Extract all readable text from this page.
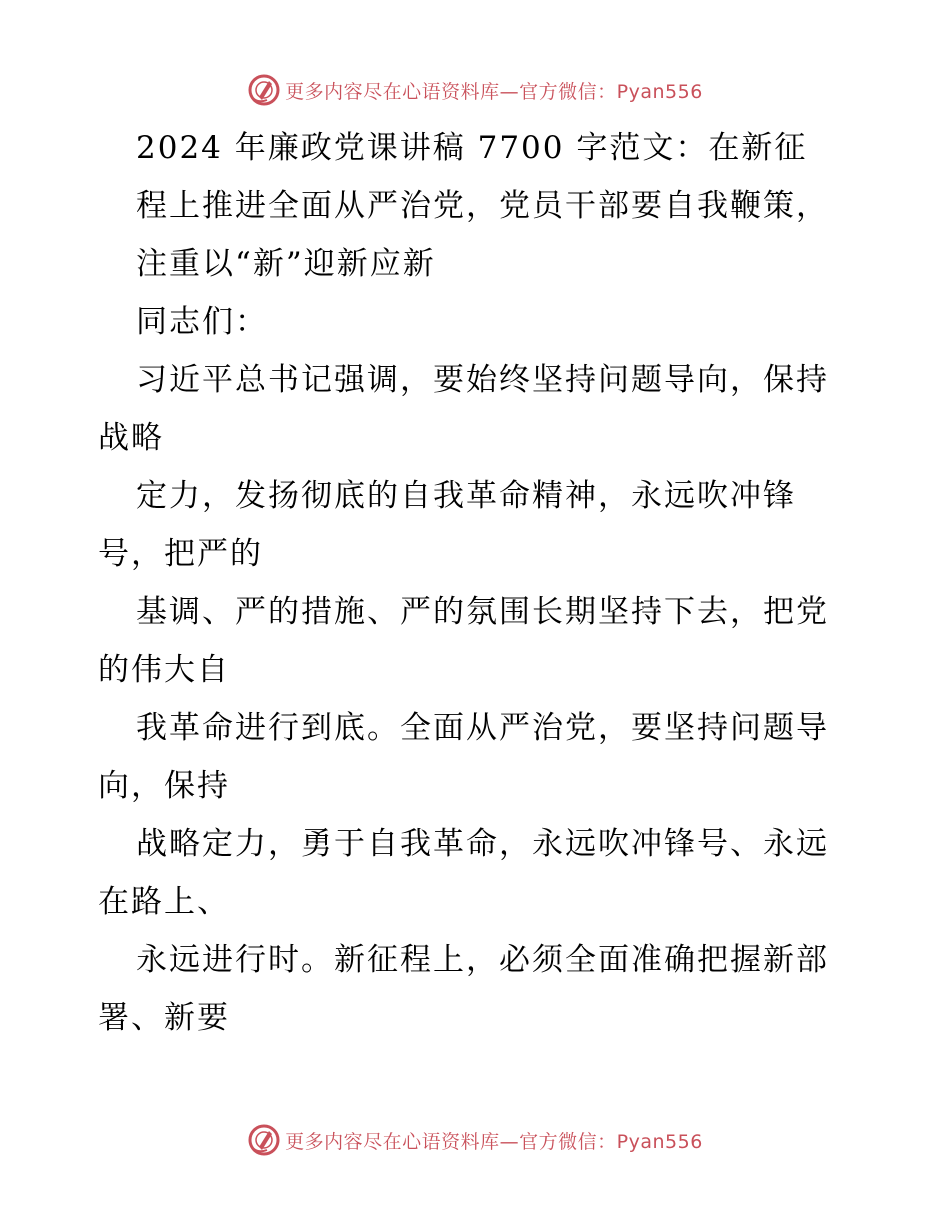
更多内容尽在心语资料库—官方微信：Pyan556
2024 年廉政党课讲稿 7700 字范文：在新征
程上推进全面从严治党，党员干部要自我鞭策，
注重以“新”迎新应新
同志们：
习近平总书记强调，要始终坚持问题导向，保持
战略
定力，发扬彻底的自我革命精神，永远吹冲锋
号，把严的
基调、严的措施、严的氛围长期坚持下去，把党
的伟大自
我革命进行到底。全面从严治党，要坚持问题导
向，保持
战略定力，勇于自我革命，永远吹冲锋号、永远
在路上、
永远进行时。新征程上，必须全面准确把握新部
署、新要
更多内容尽在心语资料库—官方微信：Pyan556
